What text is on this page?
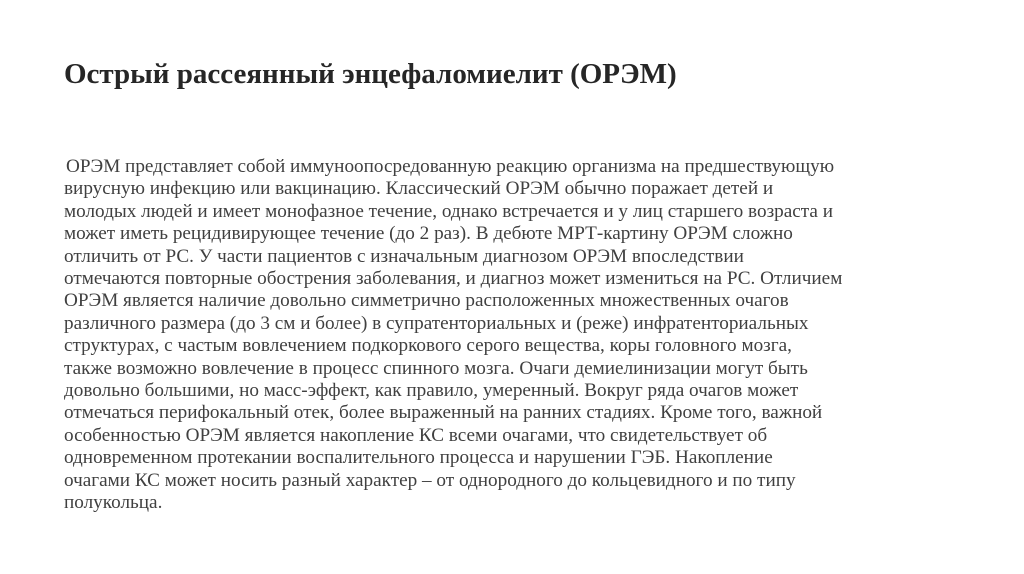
Острый рассеянный энцефаломиелит (ОРЭМ)
ОРЭМ представляет собой иммуноопосредованную реакцию организма на предшествующую
вирусную инфекцию или вакцинацию. Классический ОРЭМ обычно поражает детей и
молодых людей и имеет монофазное течение, однако встречается и у лиц старшего возраста и
может иметь рецидивирующее течение (до 2 раз). В дебюте МРТ-картину ОРЭМ сложно
отличить от РС. У части пациентов с изначальным диагнозом ОРЭМ впоследствии
отмечаются повторные обострения заболевания, и диагноз может измениться на РС. Отличием
ОРЭМ является наличие довольно симметрично расположенных множественных очагов
различного размера (до 3 см и более) в супратенториальных и (реже) инфратенториальных
структурах, с частым вовлечением подкоркового серого вещества, коры головного мозга,
также возможно вовлечение в процесс спинного мозга. Очаги демиелинизации могут быть
довольно большими, но масс-эффект, как правило, умеренный. Вокруг ряда очагов может
отмечаться перифокальный отек, более выраженный на ранних стадиях. Кроме того, важной
особенностью ОРЭМ является накопление КС всеми очагами, что свидетельствует об
одновременном протекании воспалительного процесса и нарушении ГЭБ. Накопление
очагами КС может носить разный характер – от однородного до кольцевидного и по типу
полукольца.
